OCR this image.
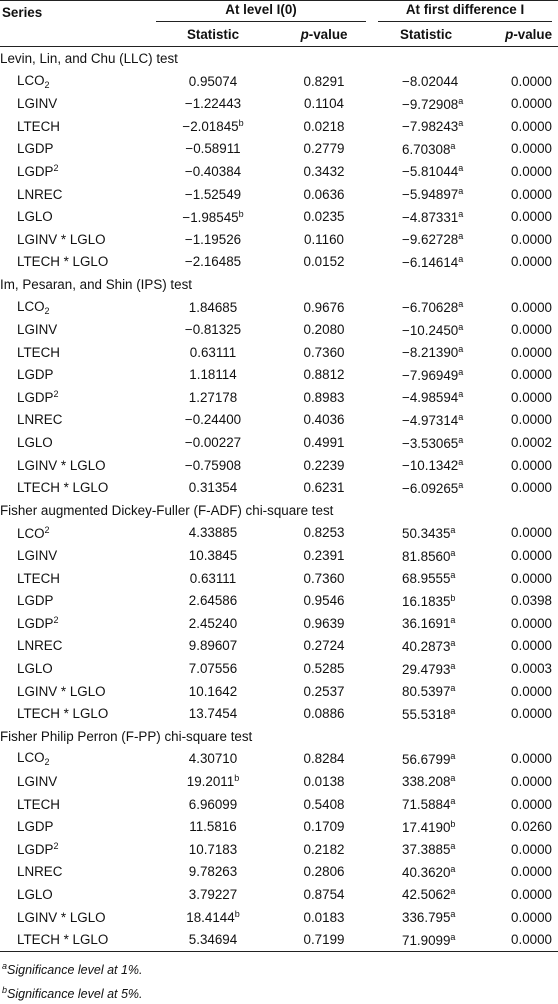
Series	At level I(0)		At first difference I	

	Statistic	p-value	Statistic	p-value
Levin, Lin, and Chu (LLC) test				
$LCO_2$	0.95074	0.8291	−8.02044	0.0000
LGINV	−1.22443	0.1104	−9.72908$^a$	0.0000
LTECH	−2.01845$^b$	0.0218	−7.98243$^a$	0.0000
LGDP	−0.58911	0.2779	6.70308$^a$	0.0000
$LGDP^2$	−0.40384	0.3432	−5.81044$^a$	0.0000
LNREC	−1.52549	0.0636	−5.94897$^a$	0.0000
LGLO	−1.98545$^b$	0.0235	−4.87331$^a$	0.0000
LGINV * LGLO	−1.19526	0.1160	−9.62728$^a$	0.0000
LTECH * LGLO	−2.16485	0.0152	−6.14614$^a$	0.0000
Im, Pesaran, and Shin (IPS) test				
$LCO_2$	1.84685	0.9676	−6.70628$^a$	0.0000
LGINV	−0.81325	0.2080	−10.2450$^a$	0.0000
LTECH	0.63111	0.7360	−8.21390$^a$	0.0000
LGDP	1.18114	0.8812	−7.96949$^a$	0.0000
LGDP$^2$	1.27178	0.8983	−4.98594$^a$	0.0000
LNREC	−0.24400	0.4036	−4.97314$^a$	0.0000
LGLO	−0.00227	0.4991	−3.53065$^a$	0.0002
LGINV * LGLO	−0.75908	0.2239	−10.1342$^a$	0.0000
LTECH * LGLO	0.31354	0.6231	−6.09265$^a$	0.0000
Fisher augmented Dickey-Fuller (F-ADF) chi-square test				
LCO$^2$	4.33885	0.8253	50.3435$^a$	0.0000
LGINV	10.3845	0.2391	81.8560$^a$	0.0000
LTECH	0.63111	0.7360	68.9555$^a$	0.0000
LGDP	2.64586	0.9546	16.1835$^b$	0.0398
LGDP$^2$	2.45240	0.9639	36.1691$^a$	0.0000
LNREC	9.89607	0.2724	40.2873$^a$	0.0000
LGLO	7.07556	0.5285	29.4793$^a$	0.0003
LGINV * LGLO	10.1642	0.2537	80.5397$^a$	0.0000
LTECH * LGLO	13.7454	0.0886	55.5318$^a$	0.0000
Fisher Philip Perron (F-PP) chi-square test				
$LCO_2$	4.30710	0.8284	56.6799$^a$	0.0000
LGINV	19.2011$^b$	0.0138	338.208$^a$	0.0000
LTECH	6.96099	0.5408	71.5884$^a$	0.0000
LGDP	11.5816	0.1709	17.4190$^b$	0.0260
LGDP$^2$	10.7183	0.2182	37.3885$^a$	0.0000
LNREC	9.78263	0.2806	40.3620$^a$	0.0000
LGLO	3.79227	0.8754	42.5062$^a$	0.0000
LGINV * LGLO	18.4144$^b$	0.0183	336.795$^a$	0.0000
LTECH * LGLO	5.34694	0.7199	71.9099$^a$	0.0000
$^a$Significance level at 1%.
$^b$Significance level at 5%.
